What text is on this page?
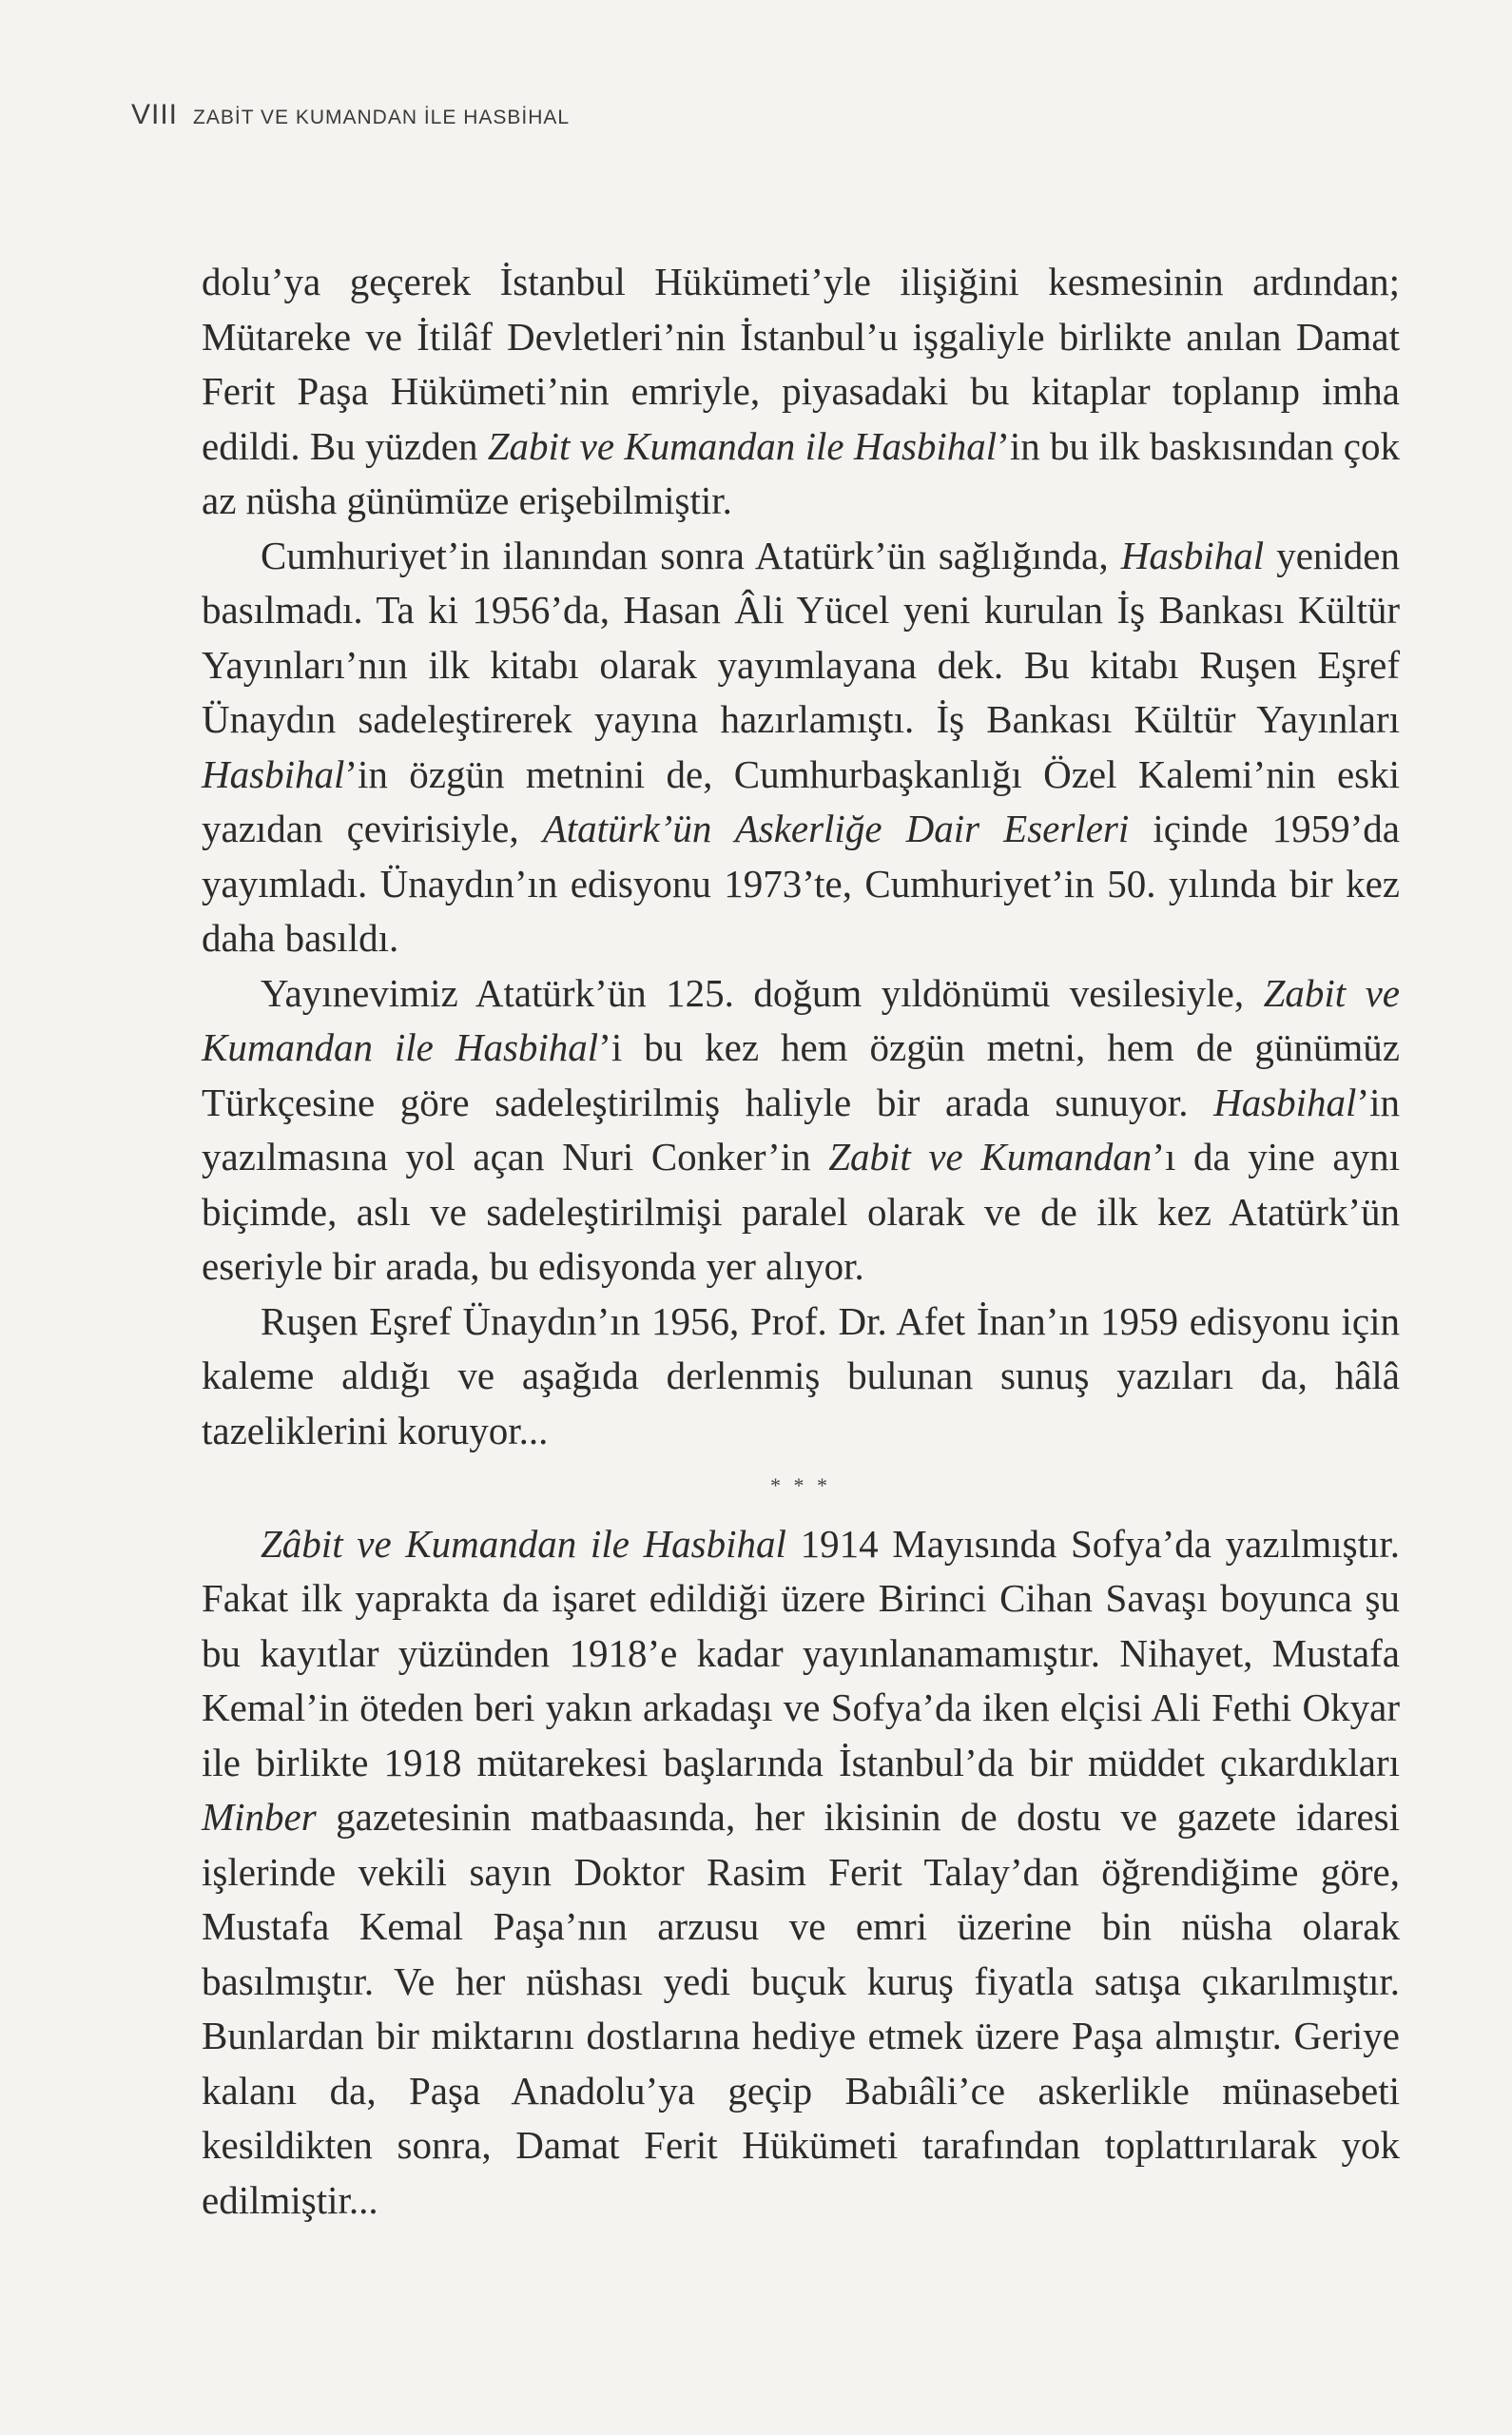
VIII ZABİT VE KUMANDAN İLE HASBİHAL

dolu’ya geçerek İstanbul Hükümeti’yle ilişiğini kesmesinin ardından; Mütareke ve İtilâf Devletleri’nin İstanbul’u işgaliyle birlikte anılan Damat Ferit Paşa Hükümeti’nin emriyle, piyasadaki bu kitaplar toplanıp imha edildi. Bu yüzden Zabit ve Kumandan ile Hasbihal’in bu ilk baskısından çok az nüsha günümüze erişebilmiştir.

Cumhuriyet’in ilanından sonra Atatürk’ün sağlığında, Hasbihal yeniden basılmadı. Ta ki 1956’da, Hasan Âli Yücel yeni kurulan İş Bankası Kültür Yayınları’nın ilk kitabı olarak yayımlayana dek. Bu kitabı Ruşen Eşref Ünaydın sadeleştirerek yayına hazırlamıştı. İş Bankası Kültür Yayınları Hasbihal’in özgün metnini de, Cumhurbaşkanlığı Özel Kalemi’nin eski yazıdan çevirisiyle, Atatürk’ün Askerliğe Dair Eserleri içinde 1959’da yayımladı. Ünaydın’ın edisyonu 1973’te, Cumhuriyet’in 50. yılında bir kez daha basıldı.

Yayınevimiz Atatürk’ün 125. doğum yıldönümü vesilesiyle, Zabit ve Kumandan ile Hasbihal’i bu kez hem özgün metni, hem de günümüz Türkçesine göre sadeleştirilmiş haliyle bir arada sunuyor. Hasbihal’in yazılmasına yol açan Nuri Conker’in Zabit ve Kumandan’ı da yine aynı biçimde, aslı ve sadeleştirilmişi paralel olarak ve de ilk kez Atatürk’ün eseriyle bir arada, bu edisyonda yer alıyor.

Ruşen Eşref Ünaydın’ın 1956, Prof. Dr. Afet İnan’ın 1959 edisyonu için kaleme aldığı ve aşağıda derlenmiş bulunan sunuş yazıları da, hâlâ tazeliklerini koruyor...

* * *

Zâbit ve Kumandan ile Hasbihal 1914 Mayısında Sofya’da yazılmıştır. Fakat ilk yaprakta da işaret edildiği üzere Birinci Cihan Savaşı boyunca şu bu kayıtlar yüzünden 1918’e kadar yayınlanamamıştır. Nihayet, Mustafa Kemal’in öteden beri yakın arkadaşı ve Sofya’da iken elçisi Ali Fethi Okyar ile birlikte 1918 mütarekesi başlarında İstanbul’da bir müddet çıkardıkları Minber gazetesinin matbaasında, her ikisinin de dostu ve gazete idaresi işlerinde vekili sayın Doktor Rasim Ferit Talay’dan öğrendiğime göre, Mustafa Kemal Paşa’nın arzusu ve emri üzerine bin nüsha olarak basılmıştır. Ve her nüshası yedi buçuk kuruş fiyatla satışa çıkarılmıştır. Bunlardan bir miktarını dostlarına hediye etmek üzere Paşa almıştır. Geriye kalanı da, Paşa Anadolu’ya geçip Babıâli’ce askerlikle münasebeti kesildikten sonra, Damat Ferit Hükümeti tarafından toplattırılarak yok edilmiştir...
